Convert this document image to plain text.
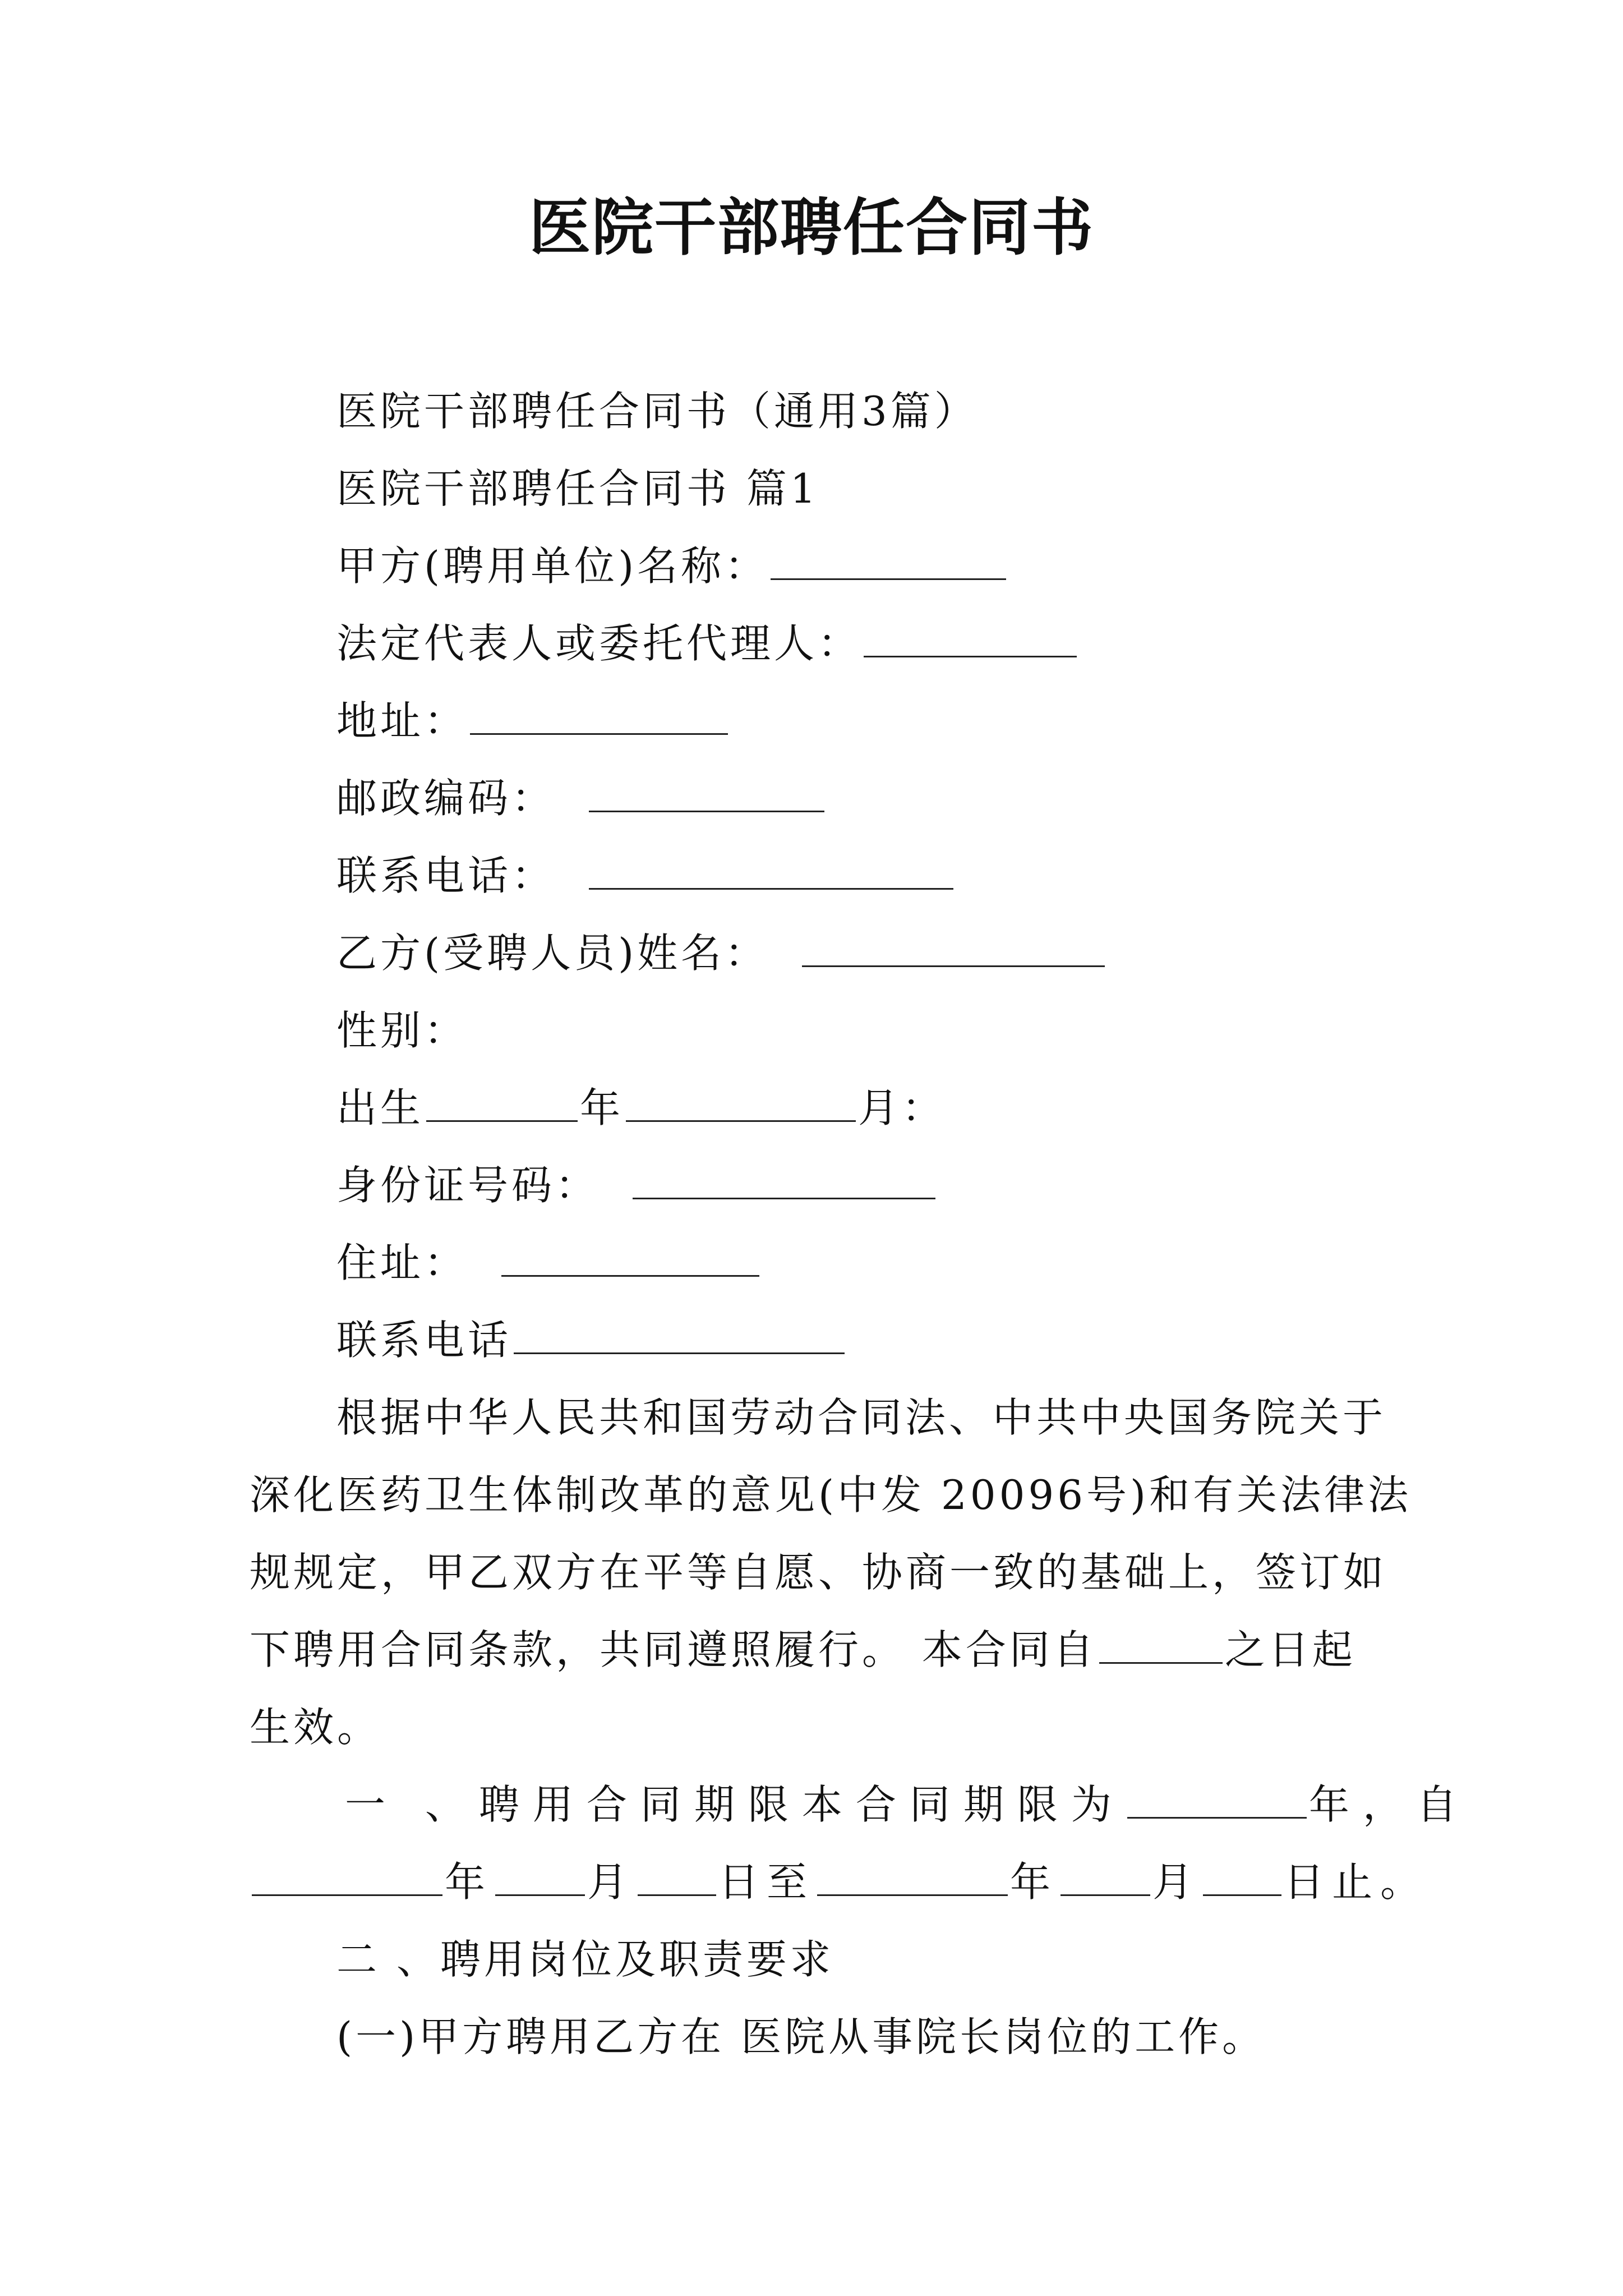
医院干部聘任合同书
医院干部聘任合同书（通用3篇）
医院干部聘任合同书 篇1
甲方(聘用单位)名称：
法定代表人或委托代理人：
地址：
邮政编码：
联系电话：
乙方(受聘人员)姓名：
性别：
出生	年	月：
身份证号码：
住址：
联系电话
根据中华人民共和国劳动合同法、中共中央国务院关于
深化医药卫生体制改革的意见(中发 20096号)和有关法律法
规规定，甲乙双方在平等自愿、协商一致的基础上，签订如
下聘用合同条款，共同遵照履行。 本合同自	之日起
生效。
一 、聘用合同期限本合同期限为	年，自
年 月 日至	年 月 日止。
二 、聘用岗位及职责要求
(一)甲方聘用乙方在 医院从事院长岗位的工作。
